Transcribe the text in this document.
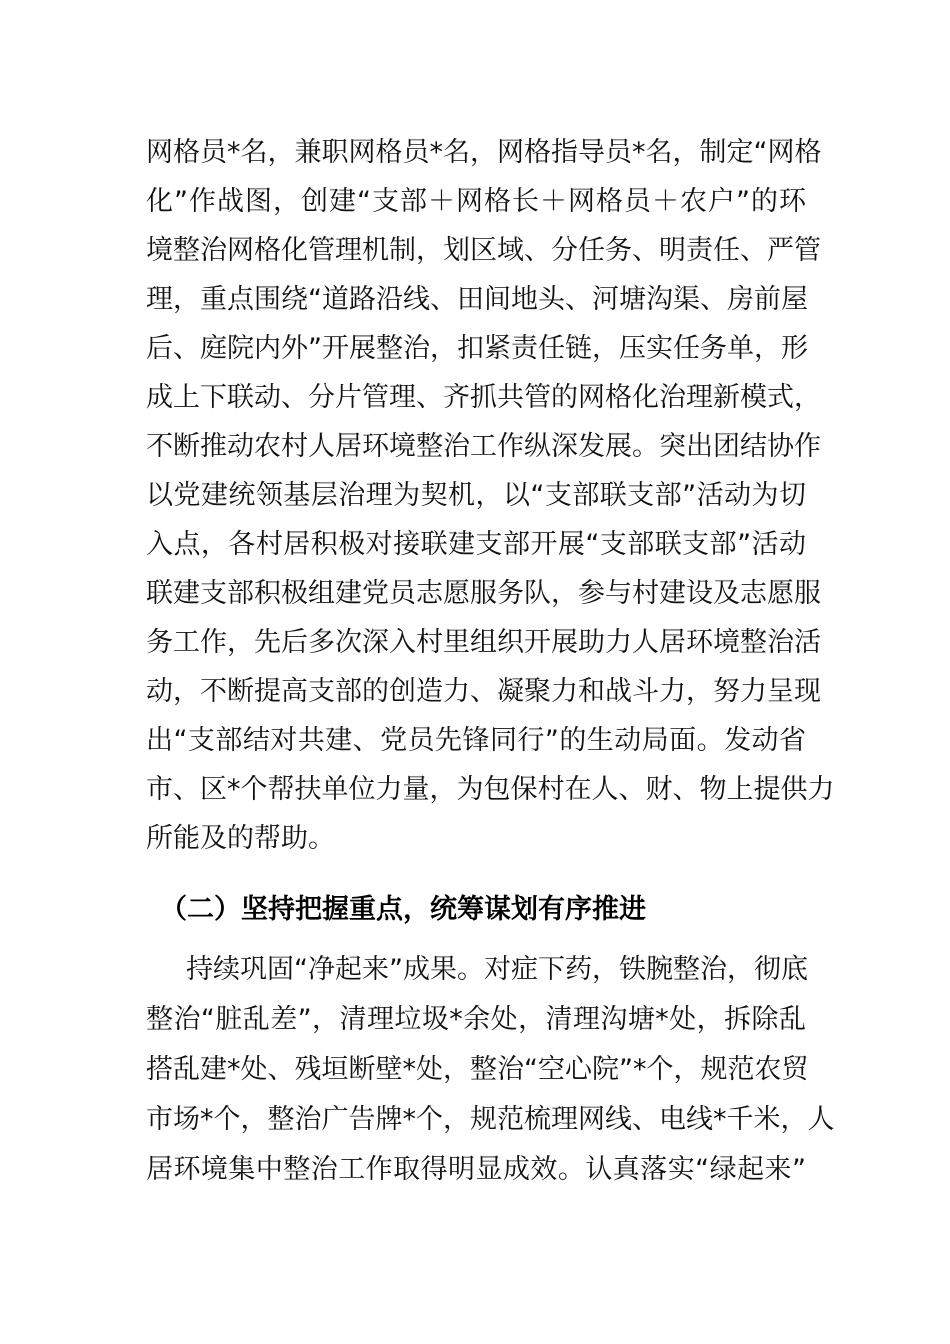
网格员*名，兼职网格员*名，网格指导员*名，制定“网格
化”作战图，创建“支部＋网格长＋网格员＋农户”的环
境整治网格化管理机制，划区域、分任务、明责任、严管
理，重点围绕“道路沿线、田间地头、河塘沟渠、房前屋
后、庭院内外”开展整治，扣紧责任链，压实任务单，形
成上下联动、分片管理、齐抓共管的网格化治理新模式，
不断推动农村人居环境整治工作纵深发展。突出团结协作
以党建统领基层治理为契机，以“支部联支部”活动为切
入点，各村居积极对接联建支部开展“支部联支部”活动
联建支部积极组建党员志愿服务队，参与村建设及志愿服
务工作，先后多次深入村里组织开展助力人居环境整治活
动，不断提高支部的创造力、凝聚力和战斗力，努力呈现
出“支部结对共建、党员先锋同行”的生动局面。发动省
市、区*个帮扶单位力量，为包保村在人、财、物上提供力
所能及的帮助。
（二）坚持把握重点，统筹谋划有序推进
持续巩固“净起来”成果。对症下药，铁腕整治，彻底
整治“脏乱差”，清理垃圾*余处，清理沟塘*处，拆除乱
搭乱建*处、残垣断壁*处，整治“空心院”*个，规范农贸
市场*个，整治广告牌*个，规范梳理网线、电线*千米，人
居环境集中整治工作取得明显成效。认真落实“绿起来”
